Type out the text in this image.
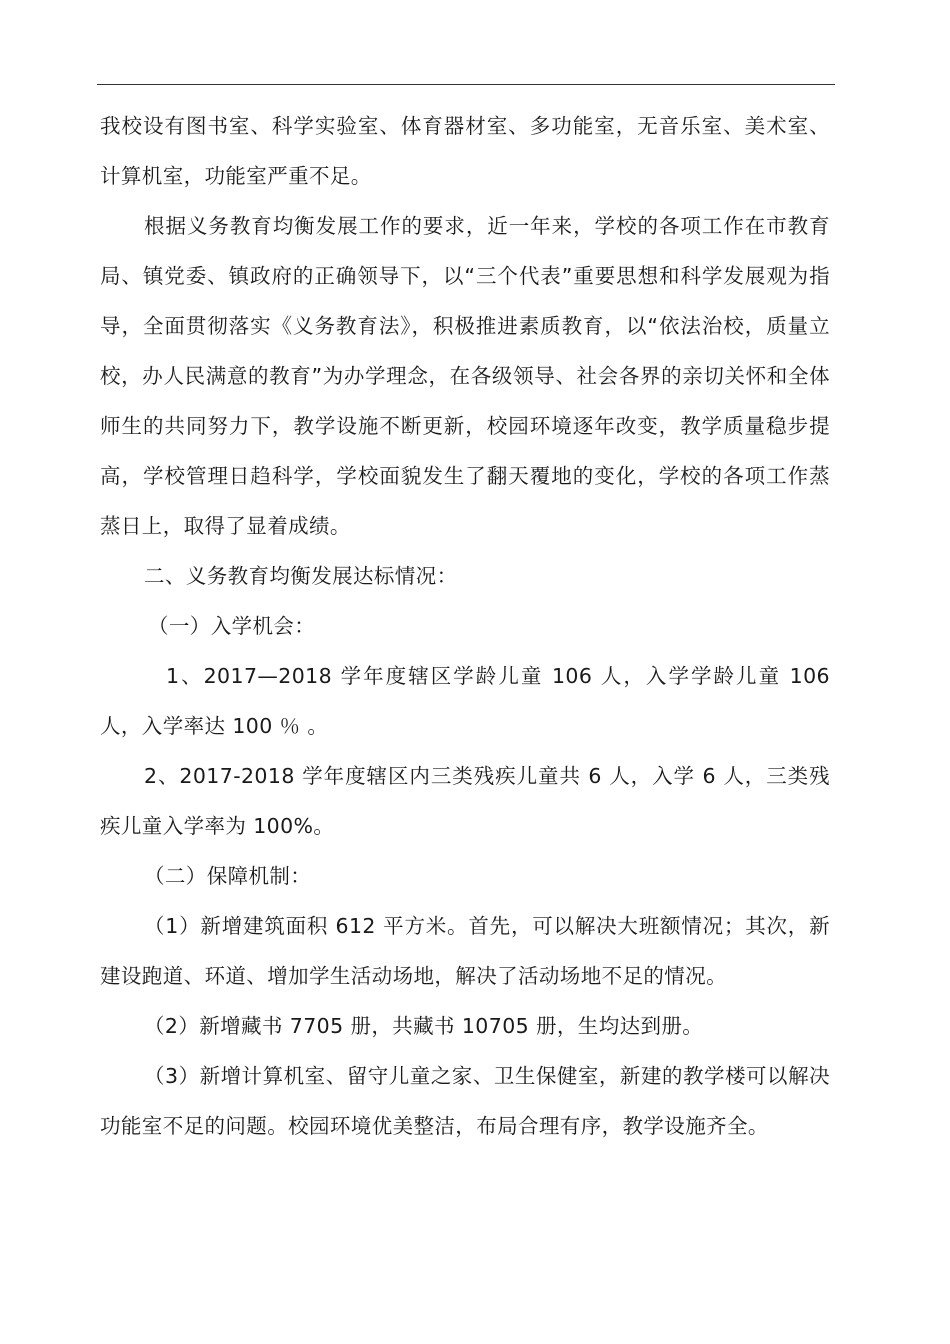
我校设有图书室、科学实验室、体育器材室、多功能室，无音乐室、美术室、计算机室，功能室严重不足。

根据义务教育均衡发展工作的要求，近一年来，学校的各项工作在市教育局、镇党委、镇政府的正确领导下，以“三个代表”重要思想和科学发展观为指导，全面贯彻落实《义务教育法》，积极推进素质教育，以“依法治校，质量立校，办人民满意的教育”为办学理念，在各级领导、社会各界的亲切关怀和全体师生的共同努力下，教学设施不断更新，校园环境逐年改变，教学质量稳步提高，学校管理日趋科学，学校面貌发生了翻天覆地的变化，学校的各项工作蒸蒸日上，取得了显着成绩。

二、义务教育均衡发展达标情况：

（一）入学机会：

1、2017—2018 学年度辖区学龄儿童 106 人，入学学龄儿童 106 人，入学率达 100 ％ 。

2、2017-2018 学年度辖区内三类残疾儿童共 6 人，入学 6 人，三类残疾儿童入学率为 100%。

（二）保障机制：

（1）新增建筑面积 612 平方米。首先，可以解决大班额情况；其次，新建设跑道、环道、增加学生活动场地，解决了活动场地不足的情况。

（2）新增藏书 7705 册，共藏书 10705 册，生均达到册。

（3）新增计算机室、留守儿童之家、卫生保健室，新建的教学楼可以解决功能室不足的问题。校园环境优美整洁，布局合理有序，教学设施齐全。
